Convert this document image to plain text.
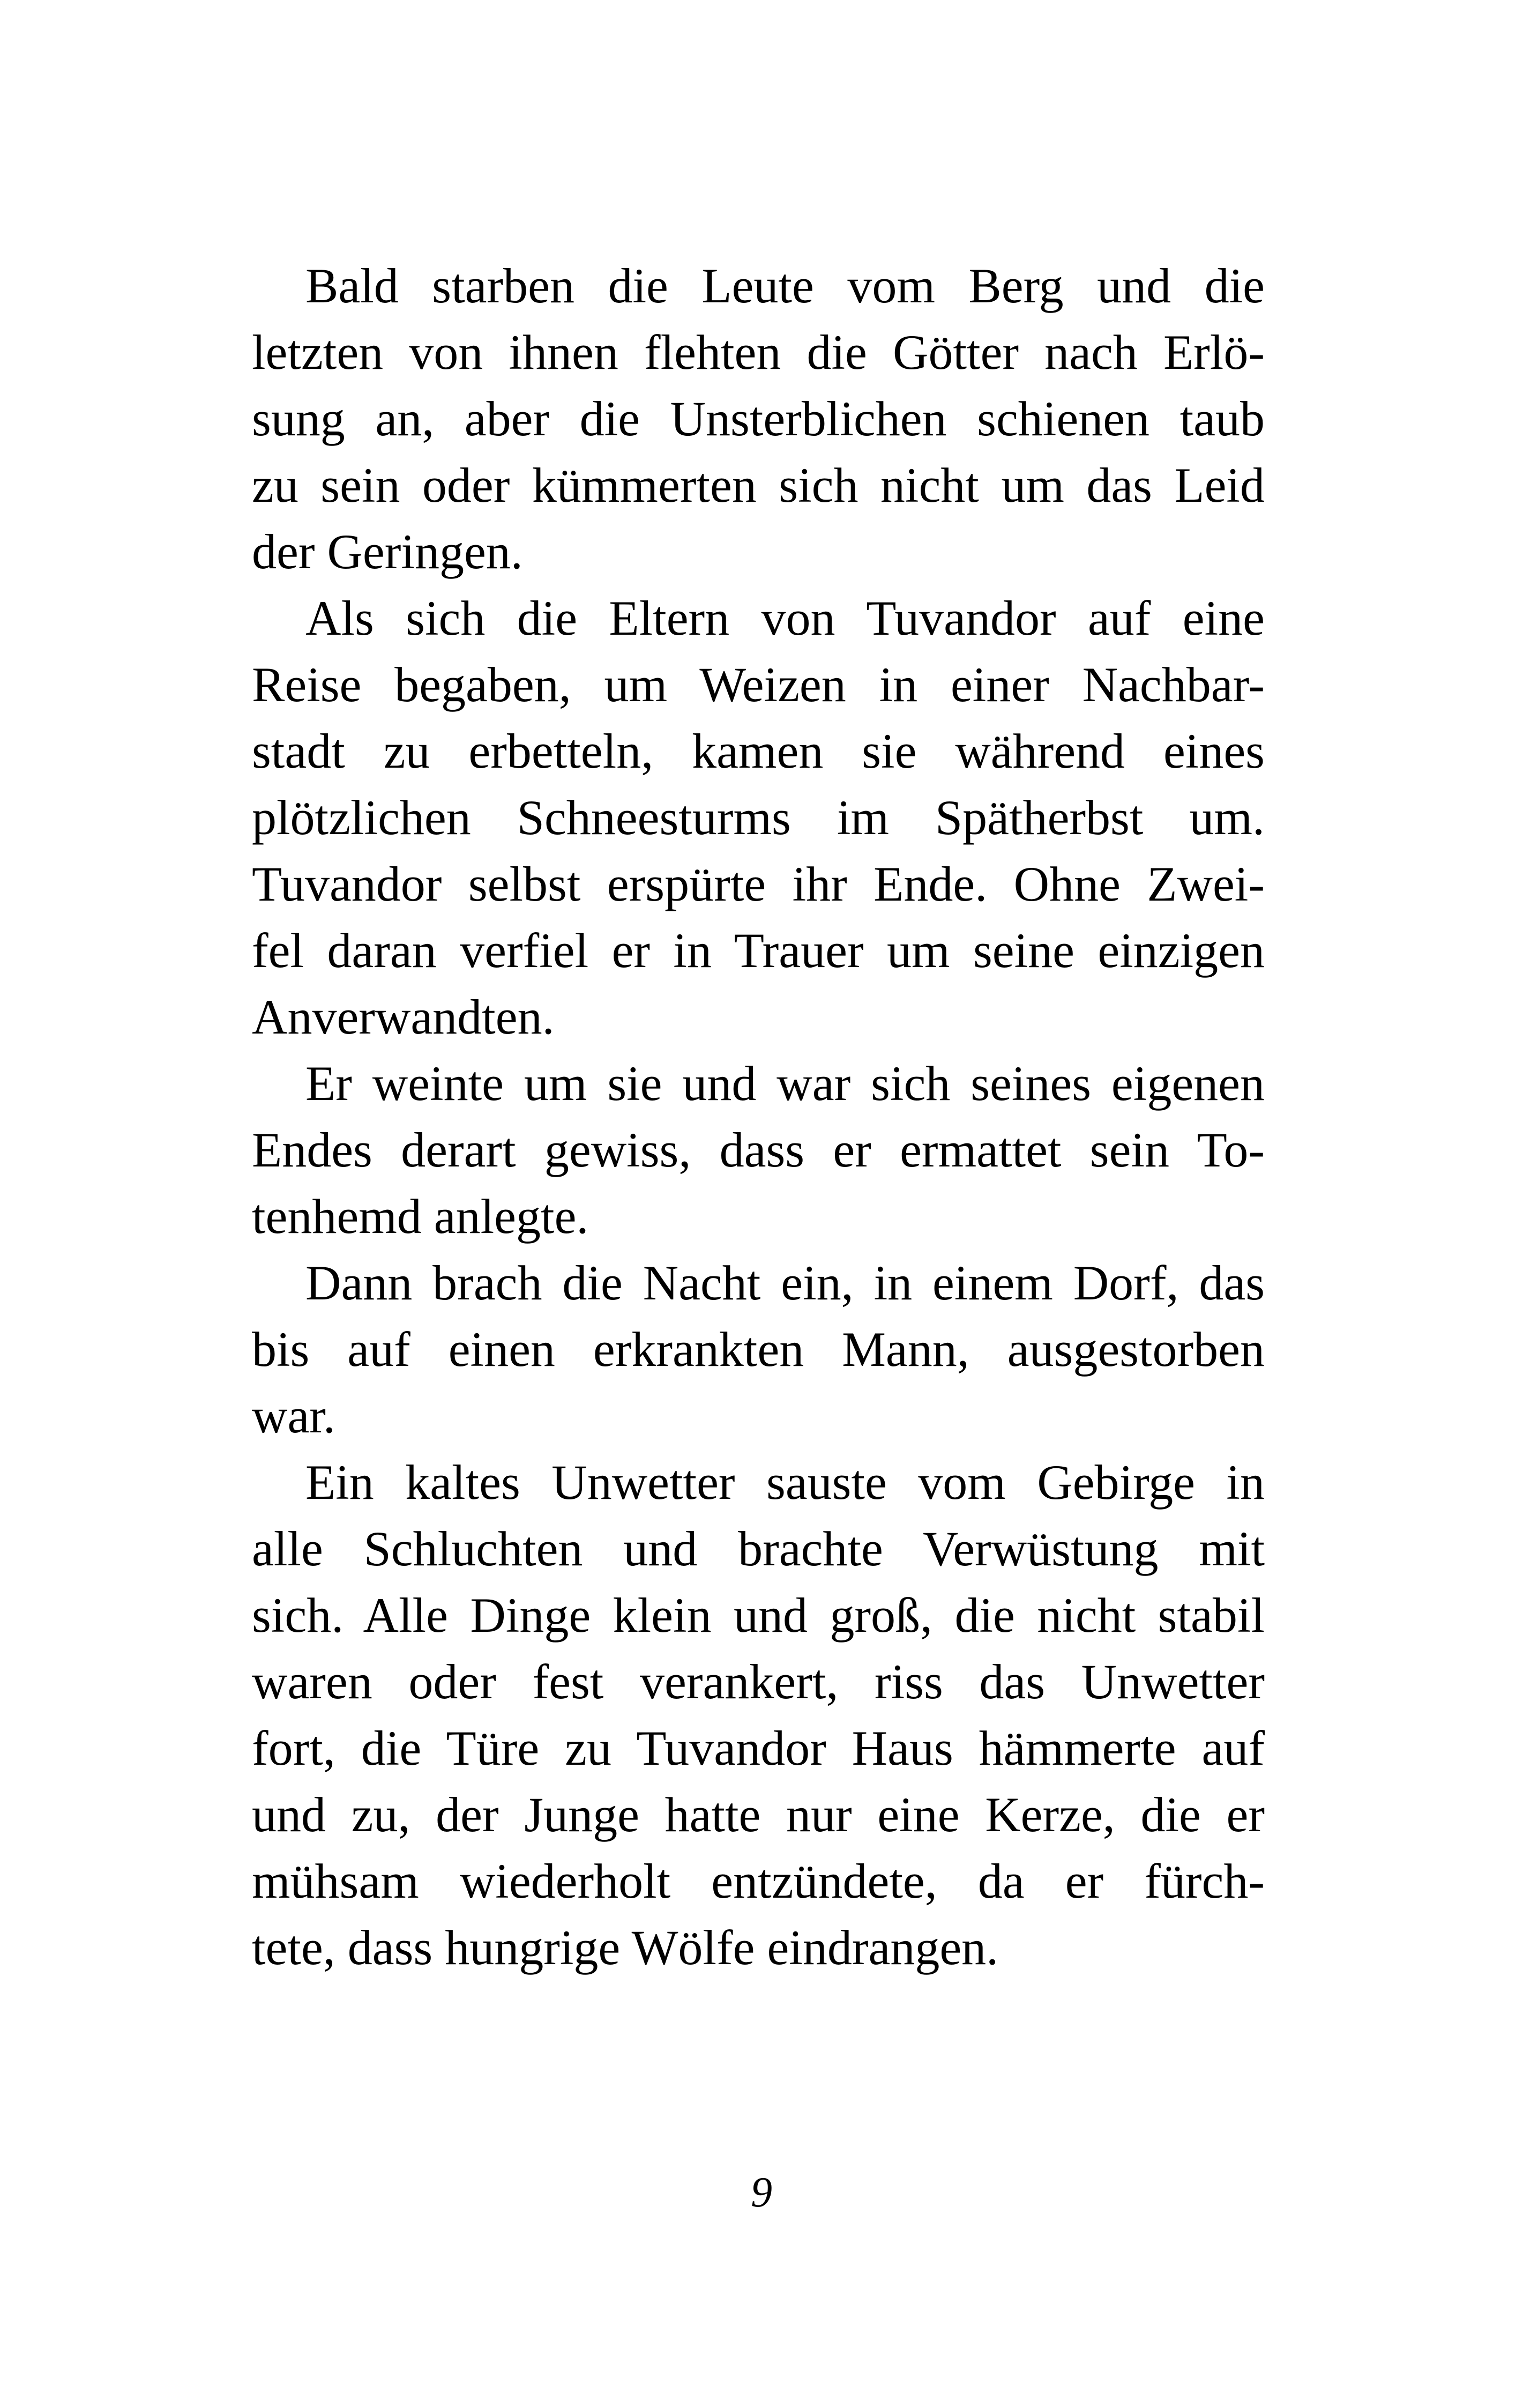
Bald starben die Leute vom Berg und die
letzten von ihnen flehten die Götter nach Erlö-
sung an, aber die Unsterblichen schienen taub
zu sein oder kümmerten sich nicht um das Leid
der Geringen.
Als sich die Eltern von Tuvandor auf eine
Reise begaben, um Weizen in einer Nachbar-
stadt zu erbetteln, kamen sie während eines
plötzlichen Schneesturms im Spätherbst um.
Tuvandor selbst erspürte ihr Ende. Ohne Zwei-
fel daran verfiel er in Trauer um seine einzigen
Anverwandten.
Er weinte um sie und war sich seines eigenen
Endes derart gewiss, dass er ermattet sein To-
tenhemd anlegte.
Dann brach die Nacht ein, in einem Dorf, das
bis auf einen erkrankten Mann, ausgestorben
war.
Ein kaltes Unwetter sauste vom Gebirge in
alle Schluchten und brachte Verwüstung mit
sich. Alle Dinge klein und groß, die nicht stabil
waren oder fest verankert, riss das Unwetter
fort, die Türe zu Tuvandor Haus hämmerte auf
und zu, der Junge hatte nur eine Kerze, die er
mühsam wiederholt entzündete, da er fürch-
tete, dass hungrige Wölfe eindrangen.
9
